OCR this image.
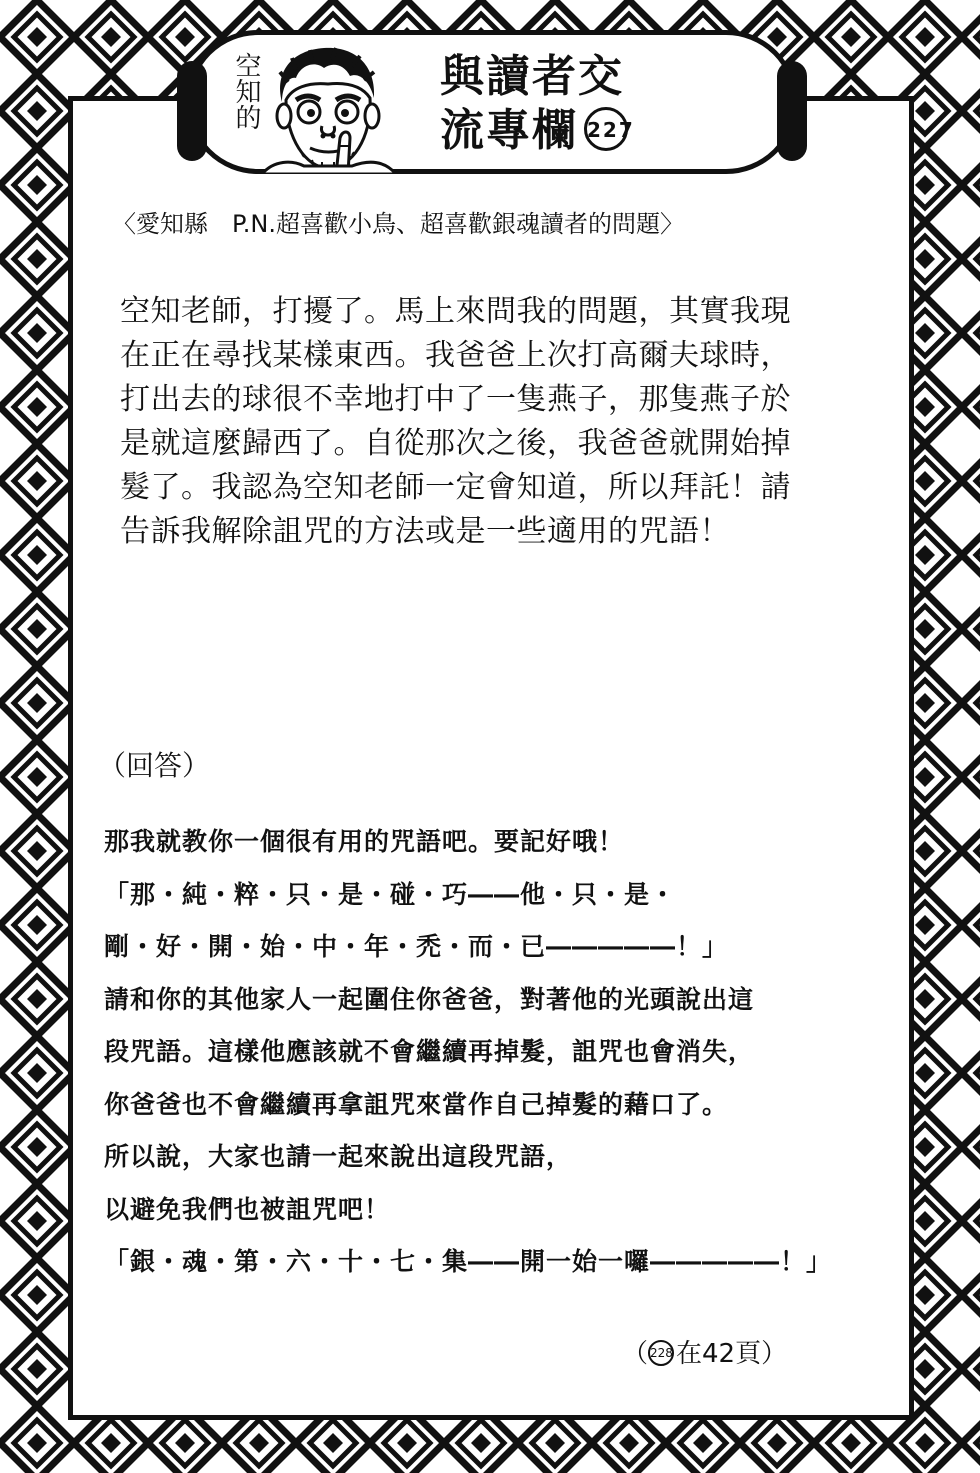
空知的	與讀者交
流專欄 227
〈愛知縣　P.N.超喜歡小鳥、超喜歡銀魂讀者的問題〉

空知老師，打擾了。馬上來問我的問題，其實我現

在正在尋找某樣東西。我爸爸上次打高爾夫球時，

打出去的球很不幸地打中了一隻燕子，那隻燕子於

是就這麼歸西了。自從那次之後，我爸爸就開始掉

髮了。我認為空知老師一定會知道，所以拜託！請

告訴我解除詛咒的方法或是一些適用的咒語！

（回答）

那我就教你一個很有用的咒語吧。要記好哦！

「那・純・粹・只・是・碰・巧――他・只・是・

剛・好・開・始・中・年・禿・而・已―――――！」

請和你的其他家人一起圍住你爸爸，對著他的光頭說出這

段咒語。這樣他應該就不會繼續再掉髮，詛咒也會消失，

你爸爸也不會繼續再拿詛咒來當作自己掉髮的藉口了。

所以說，大家也請一起來說出這段咒語，

以避免我們也被詛咒吧！

「銀・魂・第・六・十・七・集――開一始一囉―――――！」

（ 228 在42頁）
